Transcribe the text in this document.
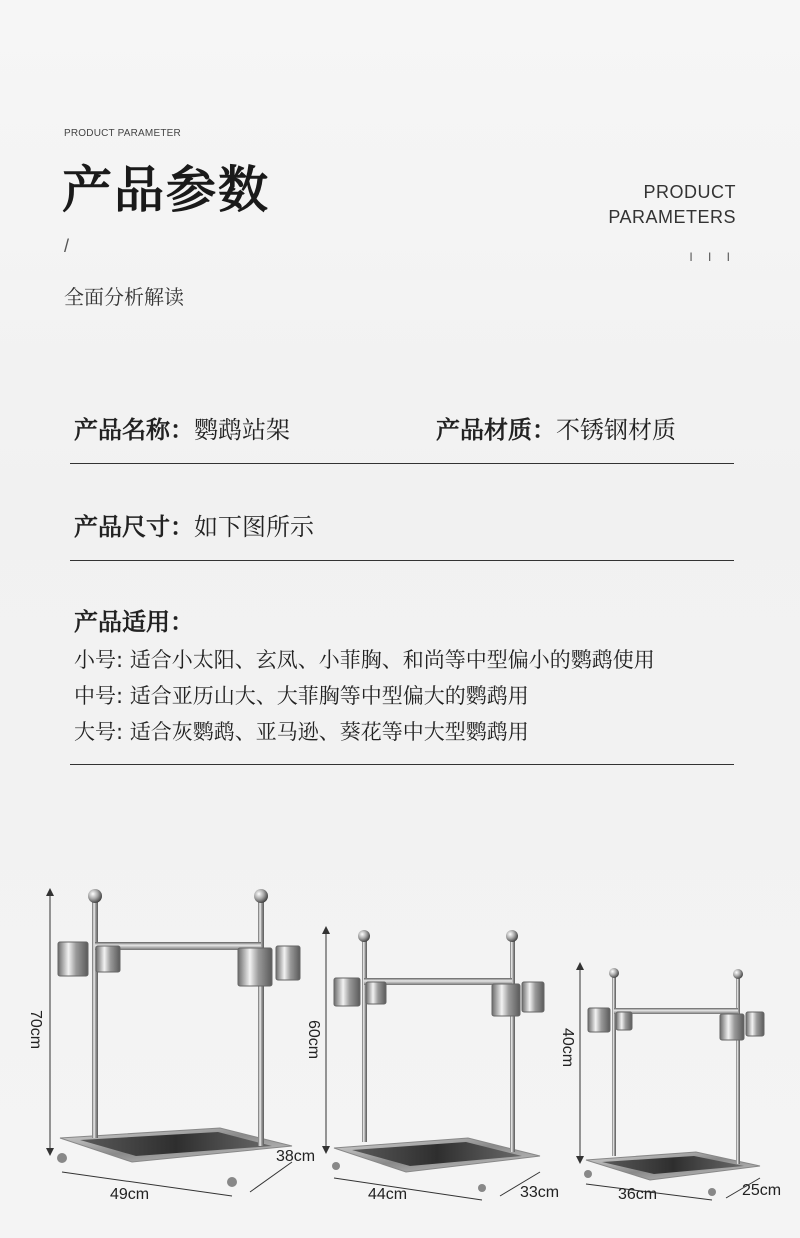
PRODUCT PARAMETER
产品参数
/
全面分析解读
PRODUCT
PARAMETERS
I I I
产品名称：鹦鹉站架	产品材质：不锈钢材质
产品尺寸：如下图所示
产品适用：
小号: 适合小太阳、玄凤、小菲胸、和尚等中型偏小的鹦鹉使用
中号: 适合亚历山大、大菲胸等中型偏大的鹦鹉用
大号: 适合灰鹦鹉、亚马逊、葵花等中大型鹦鹉用
70cm
49cm
38cm
60cm
44cm	33cm
40cm
36cm	25cm
